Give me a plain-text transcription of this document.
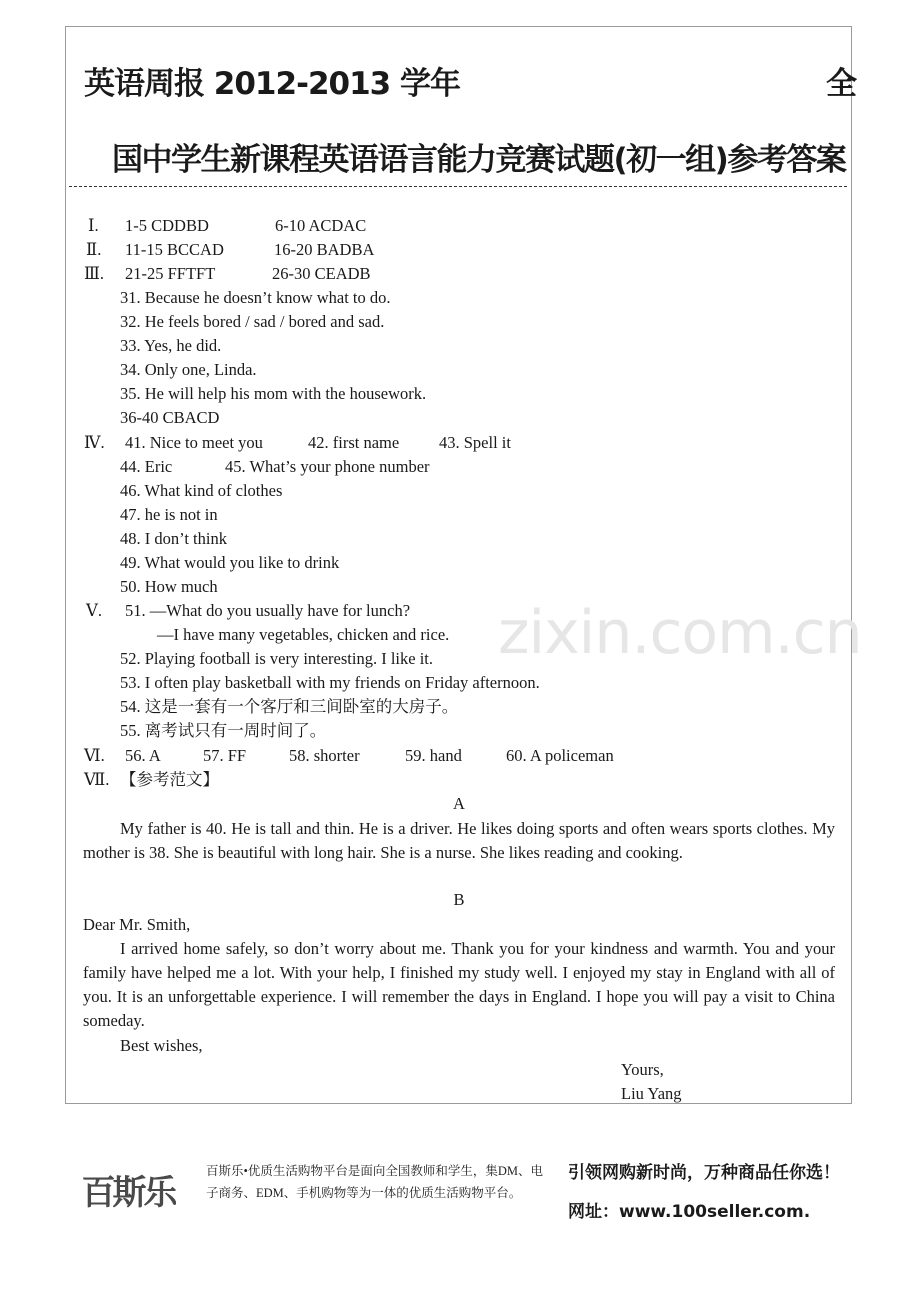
英语周报 2012-2013 学年	全
国中学生新课程英语语言能力竞赛试题(初一组)参考答案
Ⅰ. 1-5 CDDBD	6-10 ACDAC
Ⅱ. 11-15 BCCAD	16-20 BADBA
Ⅲ. 21-25 FFTFT	26-30 CEADB
31. Because he doesn’t know what to do.
32. He feels bored / sad / bored and sad.
33. Yes, he did.
34. Only one, Linda.
35. He will help his mom with the housework.
36-40 CBACD
Ⅳ. 41. Nice to meet you	42. first name 43. Spell it
44. Eric	45. What’s your phone number
46. What kind of clothes
47. he is not in
48. I don’t think
49. What would you like to drink
50. How much
Ⅴ. 51. —What do you usually have for lunch?
—I have many vegetables, chicken and rice.
52. Playing football is very interesting. I like it.
53. I often play basketball with my friends on Friday afternoon.
54. 这是一套有一个客厅和三间卧室的大房子。
55. 离考试只有一周时间了。
Ⅵ. 56. A	57. FF	58. shorter	59. hand	60. A policeman
Ⅶ. 【参考范文】
A
My father is 40. He is tall and thin. He is a driver. He likes doing sports and often wears sports clothes. My mother is 38. She is beautiful with long hair. She is a nurse. She likes reading and cooking.
B
Dear Mr. Smith,
I arrived home safely, so don’t worry about me. Thank you for your kindness and warmth. You and your family have helped me a lot. With your help, I finished my study well. I enjoyed my stay in England with all of you. It is an unforgettable experience. I will remember the days in England. I hope you will pay a visit to China someday.
Best wishes,
Yours,
Liu Yang
zixin.com.cn
百斯乐
百斯乐•优质生活购物平台是面向全国教师和学生，集DM、电子商务、EDM、手机购物等为一体的优质生活购物平台。
引领网购新时尚，万种商品任你选！
网址：www.100seller.com.
